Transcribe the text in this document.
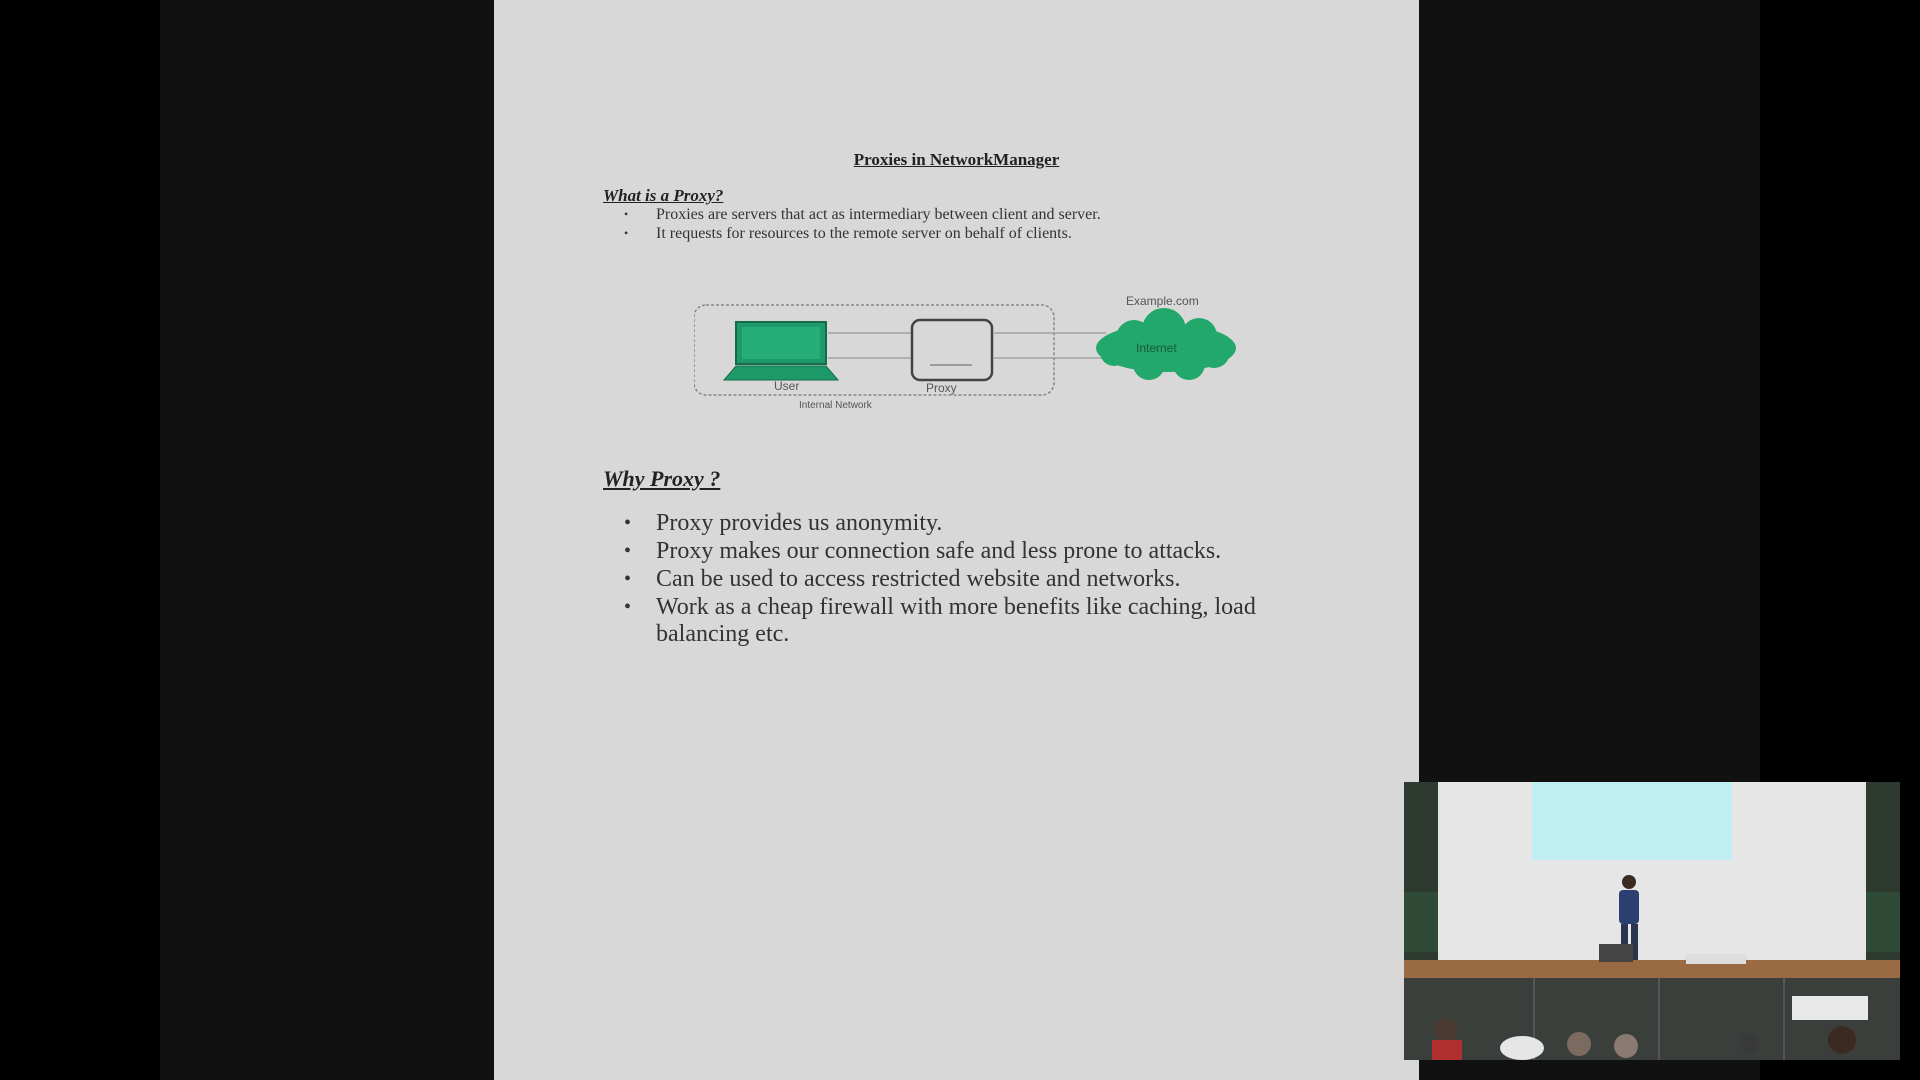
Proxies in NetworkManager
What is a Proxy?
• Proxies are servers that act as intermediary between client and server.
• It requests for resources to the remote server on behalf of clients.
User	Proxy
Internal Network
Internet
Example.com
Why Proxy ?
• Proxy provides us anonymity.
• Proxy makes our connection safe and less prone to attacks.
• Can be used to access restricted website and networks.
• Work as a cheap firewall with more benefits like caching, load balancing etc.
